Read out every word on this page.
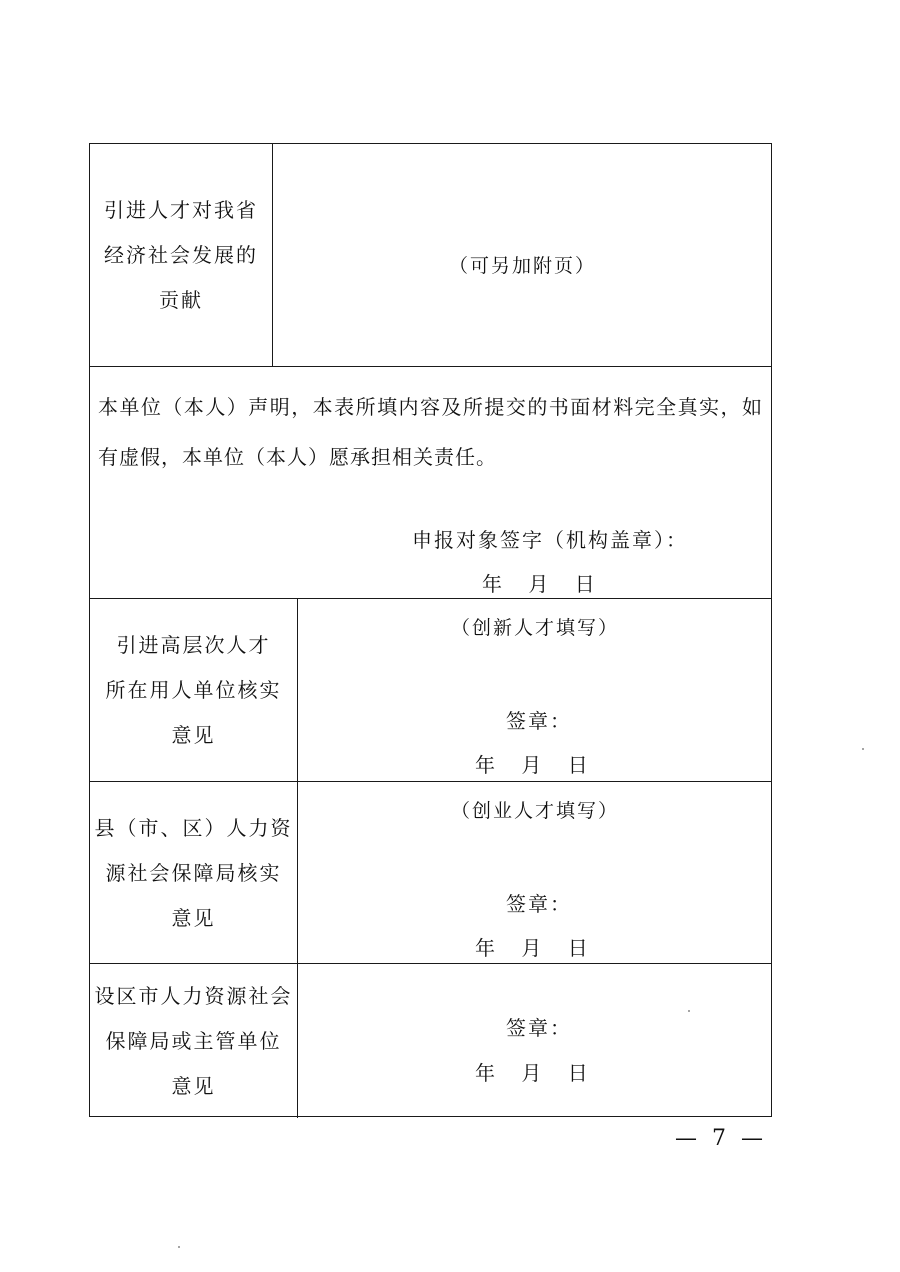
引进人才对我省
经济社会发展的
贡献
（可另加附页）
本单位（本人）声明，本表所填内容及所提交的书面材料完全真实，如有虚假，本单位（本人）愿承担相关责任。
申报对象签字（机构盖章）：
年 　月 　日
引进高层次人才
所在用人单位核实
意见
（创新人才填写）
签章：
年 　月 　日
县（市、区）人力资
源社会保障局核实
意见
（创业人才填写）
签章：
年 　月 　日
设区市人力资源社会
保障局或主管单位
意见
签章：
年 　月 　日
— 7 —
